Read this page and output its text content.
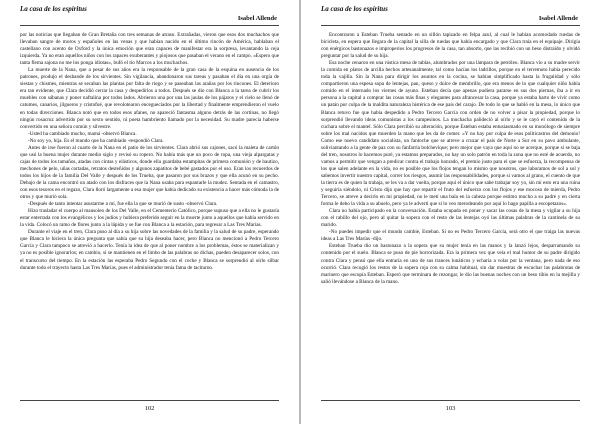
La casa de los espíritus
Isabel Allende

por las noticias que llegaban de Gran Bretaña con tres semanas de atraso. Extrañadas, vieron que esos dos muchachos que llevaban sangre de moros y españoles en las venas y que habían nacido en el último rincón de América, hablaban el castellano con acento de Oxford y la única emoción que eran capaces de manifestar era la sorpresa, levantando la ceja izquierda. Ya no eran aquellos niños con los rapaces exuberantes y piojosos que pasaban el verano en el campo. «Espero que tanta flema sajona no me los ponga idiotas», bufó el tío Marcos a los muchachos.

La muerte de la Nana, que a pesar de sus años era la responsable de la gran casa de la esquina en ausencia de los patrones, produjo el desbande de los sirvientes. Sin vigilancia, abandonaron sus tareas y pasaban el día en una orgía de siestas y chismes, mientras se secaban las plantas por falta de riego y se paseaban las arañas por los rincones. El deterioro era tan evidente, que Clara decidió cerrar la casa y despedirlos a todos. Después se dio con Blanca a la tarea de cubrir los muebles con sábanas y poner naftalina por todos lados. Abrieron una por una las jaulas de los pájaros y el cielo se llenó de catumes, canarios, jilgueros y cristofué, que revolotearon encegueciados por la libertad y finalmente emprendieron el vuelo en todas direcciones. Blanca notó que en todos esos afanes, no apareció fantasma alguno detrás de las cortinas, no llegó ningún rosacruz advertido por su sexto sentido, ni poeta hambriento llamado por la necesidad. Su madre parecía haberse convertido en una señora común y silvestre.

-Usted ha cambiado mucho, mamá -observó Blanca.

-No soy yo, hija. Es el mundo que ha cambiado -respondió Clara.

Antes de irse fueron al cuarto de la Nana en el patio de los sirvientes. Clara abrió sus cajones, sacó la maleta de cartón que usó la buena mujer durante medio siglo y revisó su ropero. No había más que un poco de ropa, una vieja alpargatas y cajas de todos los tamaños, atadas con cintas y elásticos, donde ella guardaba estampitas de primera comunión y de bautizo, mechones de pelo, uñas cortadas, retratos desteñidos y algunos zapatitos de bebé gastados por el uso. Eran los recuerdos de todos los hijos de la familia Del Valle y después de los Trueba, que pasaron por sus brazos y que ella acunó en su pecho. Debajo de la cama encontró un atado con los disfraces que la Nana usaba para espantarle la mudez. Sentada en el camastro, con esos tesoros en el regazo, Clara lloró largamente a esa mujer que había dedicado su existencia a hacer más cómoda la de otros y que murió sola.

-Después de tanto intentar asustarme a mí, fue ella la que se murió de susto -observó Clara.

Hizo trasladar el cuerpo al mausoleo de los Del Valle, en el Cementerio Católico, porque supuso que a ella no le gustaría estar enterrada con los evangélicos y los judíos y hubiera preferido seguir en la muerte junto a aquellos que había servido en la vida. Colocó un ramo de flores junto a la lápida y se fue con Blanca a la estación, para regresar a Las Tres Marías.

Durante el viaje en el tren, Clara puso al día a su hija sobre las novedades de la familia y la salud de su padre, esperando que Blanca le hiciera la única pregunta que sabía que su hija deseaba hacer, pero Blanca no mencionó a Pedro Tercero García y Clara tampoco se atrevió a hacerlo. Tenía la idea de que al poner nombre a los problemas, éstos se materializan y ya no es posible ignorarlos; en cambio, si se mantienen en el limbo de las palabras no dichas, pueden desaparecer solos, con el transcurso del tiempo. En la estación las esperaba Pedro Segundo con el coche y Blanca se sorprendió al oírlo silbar durante todo el trayecto hasta Las Tres Marías, pues el administrador tenía fama de taciturno.

102
La casa de los espíritus
Isabel Allende

Encontraron a Esteban Trueba sentado en un sillón tapizado en felpa azul, al cual le habían acomodado ruedas de bicicleta, en espera que llegara de la capital la silla de ruedas que había encargado y que Clara traía en el equipaje. Dirigía con enérgicos bastonazos e improperios los progresos de la casa, tan absorto, que las recibió con un beso distraído y olvidó preguntar por la salud de su hija.

Esa noche cenaron en una rústica mesa de tablas, alumbrados por una lámpara de petróleo. Blanca vio a su madre servir la comida en platos de arcilla hechos artesanalmente, tal como hacían los ladrillos, porque en el terremoto había perecido toda la vajilla. Sin la Nana para dirigir los asuntos en la cocina, se habían simplificado hasta la frugalidad y sólo compartieron una espesa sopa de lentejas, pan, queso y dulce de membrillo, que era menos de lo que cualquier niño había comido en el internado los viernes de ayuno. Esteban decía que apenas pudiera pararse en sus dos piernas, iba a ir en persona a la capital a comprar las cosas más finas y elegantes para afrancesar la casa, porque ya estaba harto de vivir como un patán por culpa de la maldita naturaleza histérica de ese país del carajo. De todo lo que se habló en la mesa, lo único que Blanca retuvo fue que había despedido a Pedro Tercero García con orden de no volver a pisar la propiedad, porque lo sorprendió llevando ideas comunistas a los campesinos. La muchacha palideció al oírlo y se le cayó el contenido de la cuchara sobre el mantel. Sólo Clara percibió su alteración, porque Esteban estaba entusiasmado en su monólogo de siempre sobre los mal nacidos que muerden la mano que les da de comer. «Y no hay por culpa de esos politicastros del demonio! Como ese nuevo candidato socialista, un fantoche que se atreve a cruzar el país de Norte a Sur en su pavo ambulante, soliviantando a la gente de paz con su fanfarria bolchevique; pero mejor que vaya que aquí no se acerque, porque si se baja del tren, nosotros lo hacemos puré, ya estamos preparados, no hay un solo patrón en toda la zona que no esté de acuerdo, no vamos a permitir que vengan a predicar contra el trabajo honrado, el premio justo para el que se esfuerza, la recompensa de los que salen adelante en la vida, no es posible que los flojos tengan lo mismo que nosotros, que laboramos de sol a sol y sabemos invertir nuestro capital, correr los riesgos, asumir las responsabilidades, porque si vamos al grano, el cuento de que la tierra es de quien la trabaja, se les va a dar vuelta, porque aquí el único que sabe trabajar soy yo, sin mí esto era una ruina y seguiría siéndolo, ni Cristo dijo que hay que repartir el fruto del esfuerzo con los flojos y ese mocoso de mierda, Pedro Tercero, se atreve a decirlo en mi propiedad, no le metí una bala en la cabeza porque estimo mucho a su padre y en cierta forma le debo la vida a su abuelo, pero ya le advertí que si lo veo merodeando por aquí lo hago papilla a escopetazos».

Clara no había participado en la conversación. Estaba ocupada en poner y sacar las cosas de la mesa y vigilar a su hija con el rabillo del ojo, pero al quitar la sopera con el resto de las lentejas oyó las últimas palabras de la cantinela de su marido.

-No puedes impedir que el mundo cambie, Esteban. Si no es Pedro Tercero García, será otro el que traiga las nuevas ideas a Las Tres Marías -dijo.

Esteban Trueba dio un bastonazo a la sopera que su mujer tenía en las manos y la lanzó lejos, desparramando su contenido por el suelo. Blanca se puso de pie horrorizada. Era la primera vez que veía el mal humor de su padre dirigido contra Clara y pensó que ella entraría en uno de sus trances lunáticos y echaría a volar por la ventana, pero nada de eso ocurrió. Clara recogió los restos de la sopera roja con su calma habitual, sin dar muestras de escuchar las palabrotas de marinero que escupía Esteban. Esperó que terminara de rezongar, le dio las buenas noches con un beso tibio en la mejilla y salió llevándose a Blanca de la mano.

103
